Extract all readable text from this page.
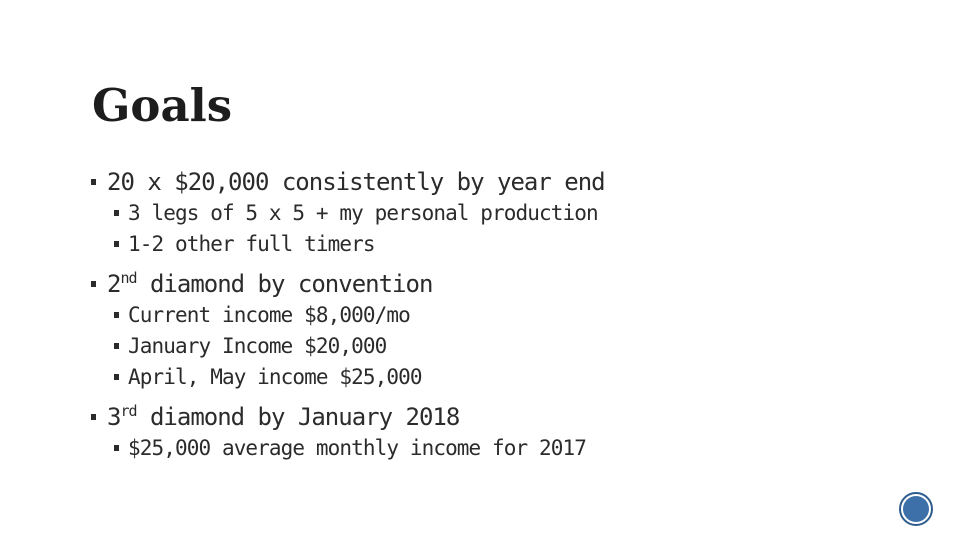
Goals
20 x $20,000 consistently by year end
3 legs of 5 x 5 + my personal production
1-2 other full timers
2nd diamond by convention
Current income $8,000/mo
January Income $20,000
April, May income $25,000
3rd diamond by January 2018
$25,000 average monthly income for 2017
